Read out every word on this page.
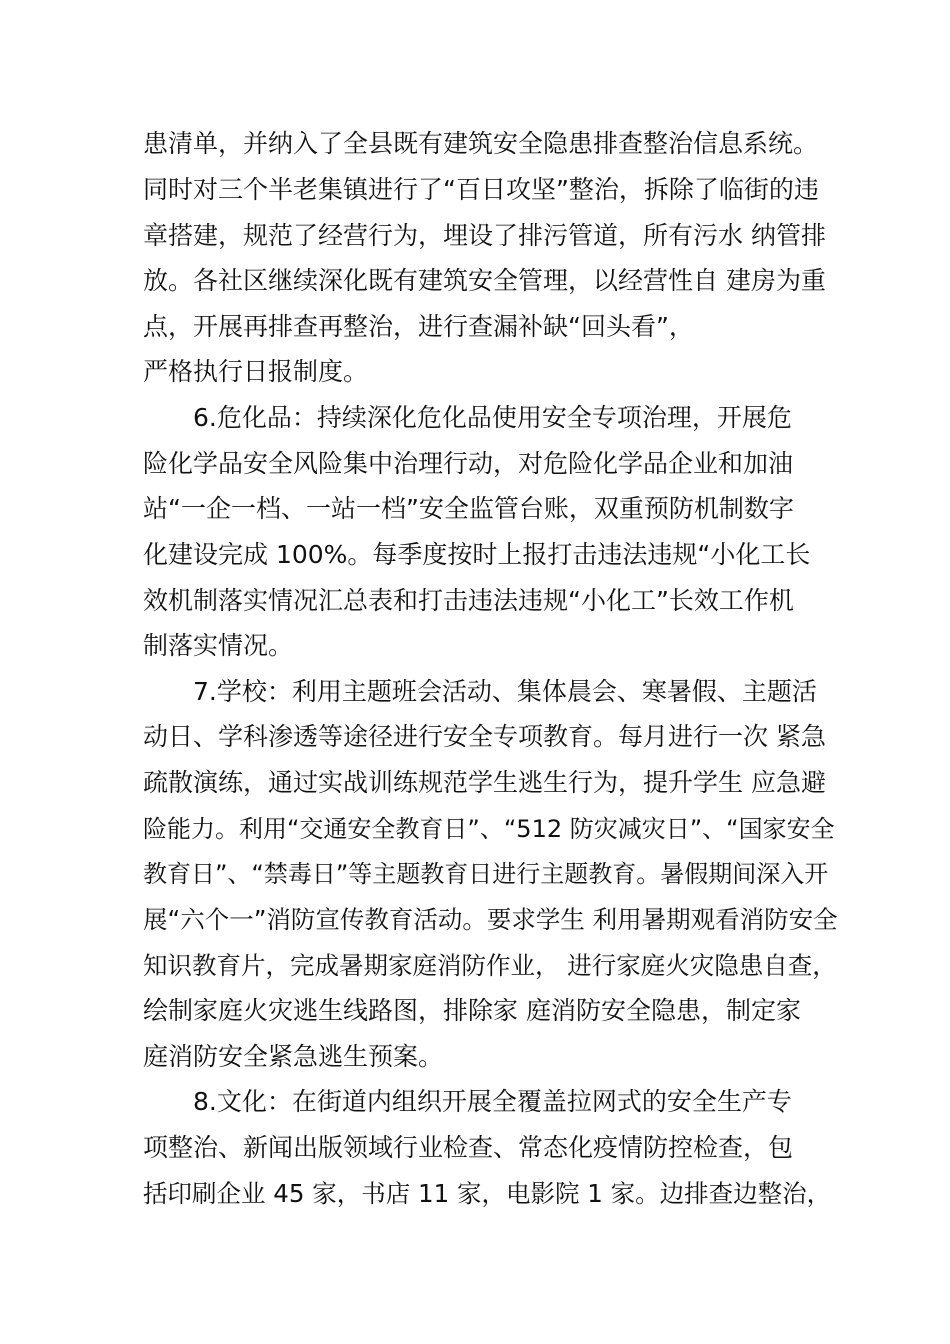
患清单，并纳入了全县既有建筑安全隐患排查整治信息系统。
同时对三个半老集镇进行了“百日攻坚”整治，拆除了临街的违
章搭建，规范了经营行为，埋设了排污管道，所有污水 纳管排
放。各社区继续深化既有建筑安全管理，以经营性自 建房为重
点，开展再排查再整治，进行查漏补缺“回头看”，
严格执行日报制度。
6.危化品：持续深化危化品使用安全专项治理，开展危
险化学品安全风险集中治理行动，对危险化学品企业和加油
站“一企一档、一站一档”安全监管台账，双重预防机制数字
化建设完成 100%。每季度按时上报打击违法违规“小化工长
效机制落实情况汇总表和打击违法违规“小化工”长效工作机
制落实情况。
7.学校：利用主题班会活动、集体晨会、寒暑假、主题活
动日、学科渗透等途径进行安全专项教育。每月进行一次 紧急
疏散演练，通过实战训练规范学生逃生行为，提升学生 应急避
险能力。利用“交通安全教育日”、“512 防灾减灾日”、“国家安全
教育日”、“禁毒日”等主题教育日进行主题教育。暑假期间深入开
展“六个一”消防宣传教育活动。要求学生 利用暑期观看消防安全
知识教育片，完成暑期家庭消防作业， 进行家庭火灾隐患自查，
绘制家庭火灾逃生线路图，排除家 庭消防安全隐患，制定家
庭消防安全紧急逃生预案。
8.文化：在街道内组织开展全覆盖拉网式的安全生产专
项整治、新闻出版领域行业检查、常态化疫情防控检查，包
括印刷企业 45 家，书店 11 家，电影院 1 家。边排查边整治，
